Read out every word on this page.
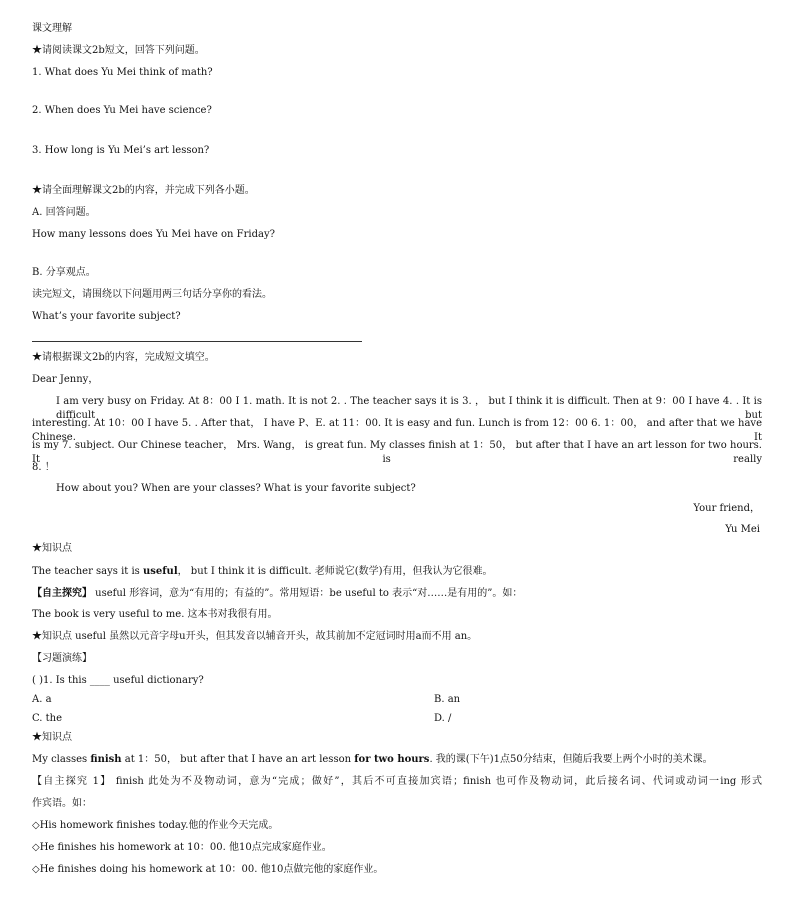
课文理解
★请阅读课文2b短文，回答下列问题。
1. What does Yu Mei think of math?
2. When does Yu Mei have science?
3. How long is Yu Mei’s art lesson?
★请全面理解课文2b的内容，并完成下列各小题。
A. 回答问题。
How many lessons does Yu Mei have on Friday?
B. 分享观点。
读完短文，请围绕以下问题用两三句话分享你的看法。
What’s your favorite subject?
★请根据课文2b的内容，完成短文填空。
Dear Jenny，
I am very busy on Friday. At 8：00 I 1. math. It is not 2. . The teacher says it is 3. ， but I think it is difficult. Then at 9：00 I have 4. . It is difficult but
interesting. At 10：00 I have 5. . After that， I have P、E. at 11：00. It is easy and fun. Lunch is from 12：00 6. 1：00， and after that we have Chinese. It
is my 7. subject. Our Chinese teacher， Mrs. Wang， is great fun. My classes finish at 1：50， but after that I have an art lesson for two hours. It is really
8. ！
How about you? When are your classes? What is your favorite subject?
Your friend，
Yu Mei
★知识点
The teacher says it is useful， but I think it is difficult. 老师说它(数学)有用，但我认为它很难。
【自主探究】 useful 形容词，意为“有用的；有益的”。常用短语：be useful to 表示“对……是有用的”。如：
The book is very useful to me. 这本书对我很有用。
★知识点 useful 虽然以元音字母u开头，但其发音以辅音开头，故其前加不定冠词时用a而不用 an。
【习题演练】
( )1. Is this ____ useful dictionary?
A. a	B. an
C. the	D. /
★知识点
My classes finish at 1：50， but after that I have an art lesson for two hours. 我的课(下午)1点50分结束，但随后我要上两个小时的美术课。
【自主探究 1】 finish 此处为不及物动词，意为“完成；做好”，其后不可直接加宾语；finish 也可作及物动词，此后接名词、代词或动词一ing 形式
作宾语。如：
◇His homework finishes today.他的作业今天完成。
◇He finishes his homework at 10：00. 他10点完成家庭作业。
◇He finishes doing his homework at 10：00. 他10点做完他的家庭作业。
